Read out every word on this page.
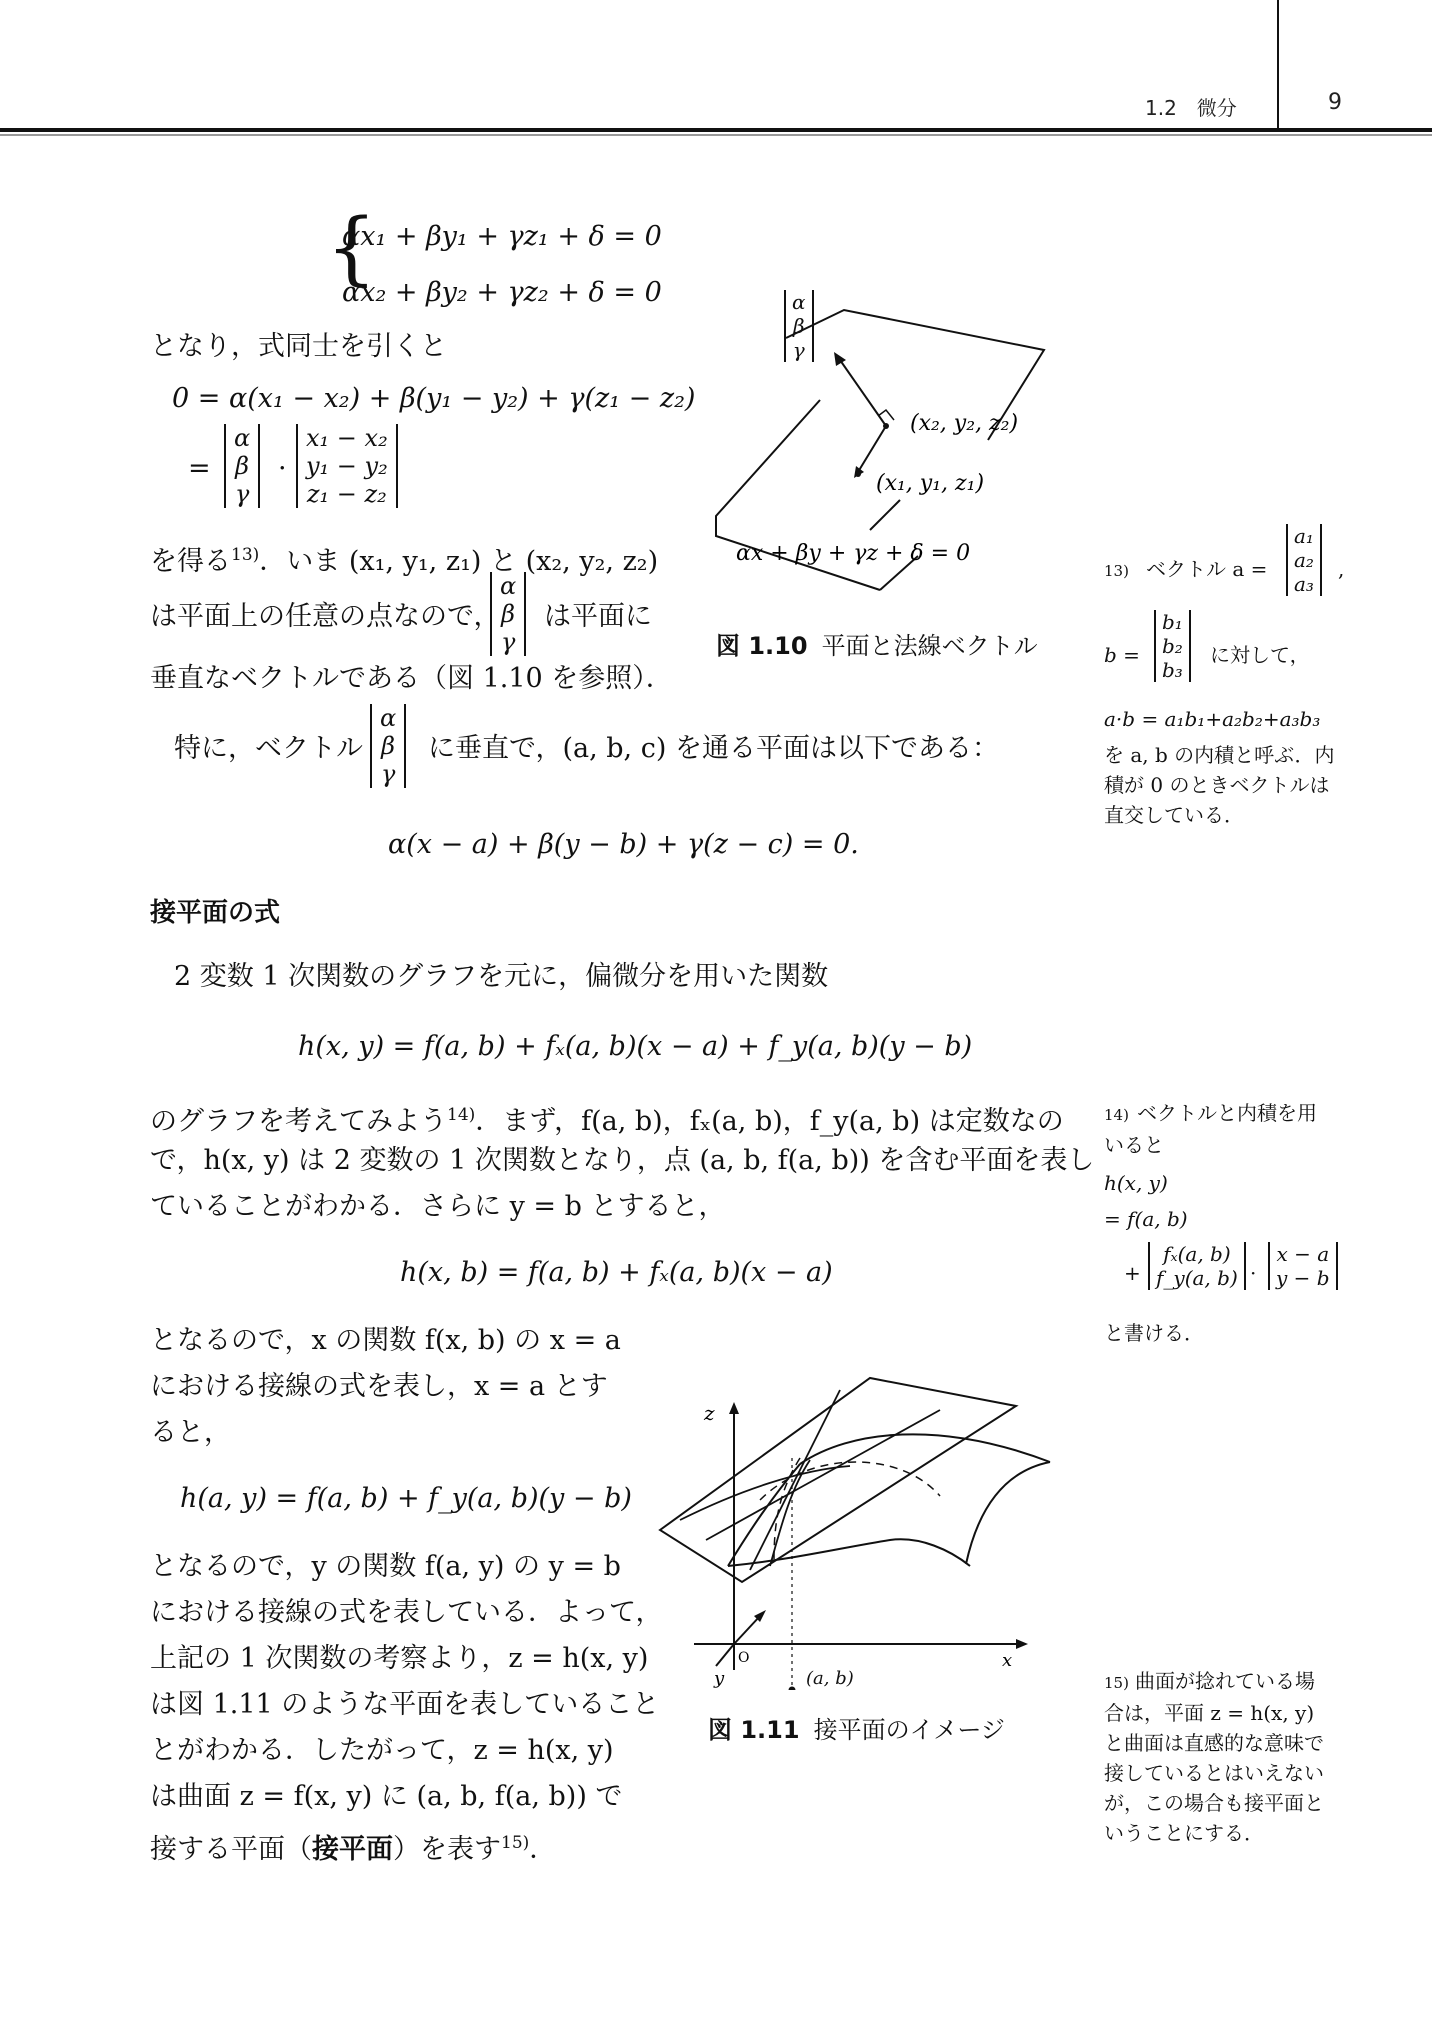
1.2　微分	9
{
αx₁ + βy₁ + γz₁ + δ = 0
αx₂ + βy₂ + γz₂ + δ = 0
となり，式同士を引くと
0 = α(x₁ − x₂) + β(y₁ − y₂) + γ(z₁ − z₂)
=
α
β
γ
·
x₁ − x₂
y₁ − y₂
z₁ − z₂
を得る$^{13)}$．いま (x₁, y₁, z₁) と (x₂, y₂, z₂)
は平面上の任意の点なので，
α
β
γ
は平面に
垂直なベクトルである（図 1.10 を参照）．
特に，ベクトル
α
β
γ
に垂直で，(a, b, c) を通る平面は以下である：
α(x − a) + β(y − b) + γ(z − c) = 0.
(x₂, y₂, z₂)
(x₁, y₁, z₁)
αx + βy + γz + δ = 0
α
β
γ
図 1.10 平面と法線ベクトル
13) ベクトル a =
a₁
a₂
a₃
,
b =
b₁
b₂
b₃
に対して，
a·b = a₁b₁+a₂b₂+a₃b₃
を a, b の内積と呼ぶ．内
積が 0 のときベクトルは
直交している．
接平面の式
2 変数 1 次関数のグラフを元に，偏微分を用いた関数
h(x, y) = f(a, b) + fₓ(a, b)(x − a) + f_y(a, b)(y − b)
のグラフを考えてみよう$^{14)}$．まず，f(a, b)，fₓ(a, b)，f_y(a, b) は定数なの
で，h(x, y) は 2 変数の 1 次関数となり，点 (a, b, f(a, b)) を含む平面を表し
ていることがわかる．さらに y = b とすると，
h(x, b) = f(a, b) + fₓ(a, b)(x − a)
14) ベクトルと内積を用
いると
h(x, y)
= f(a, b)
+
fₓ(a, b)
f_y(a, b) ·
x − a
y − b
と書ける．
となるので，x の関数 f(x, b) の x = a
における接線の式を表し，x = a とす
ると，
h(a, y) = f(a, b) + f_y(a, b)(y − b)
となるので，y の関数 f(a, y) の y = b
における接線の式を表している．よって，
上記の 1 次関数の考察より，z = h(x, y)
は図 1.11 のような平面を表していること
とがわかる．したがって，z = h(x, y)
は曲面 z = f(x, y) に (a, b, f(a, b)) で
接する平面（接平面）を表す$^{15)}$．
z
x
y
O
(a, b)
図 1.11 接平面のイメージ
15) 曲面が捻れている場
合は，平面 z = h(x, y)
と曲面は直感的な意味で
接しているとはいえない
が，この場合も接平面と
いうことにする．
